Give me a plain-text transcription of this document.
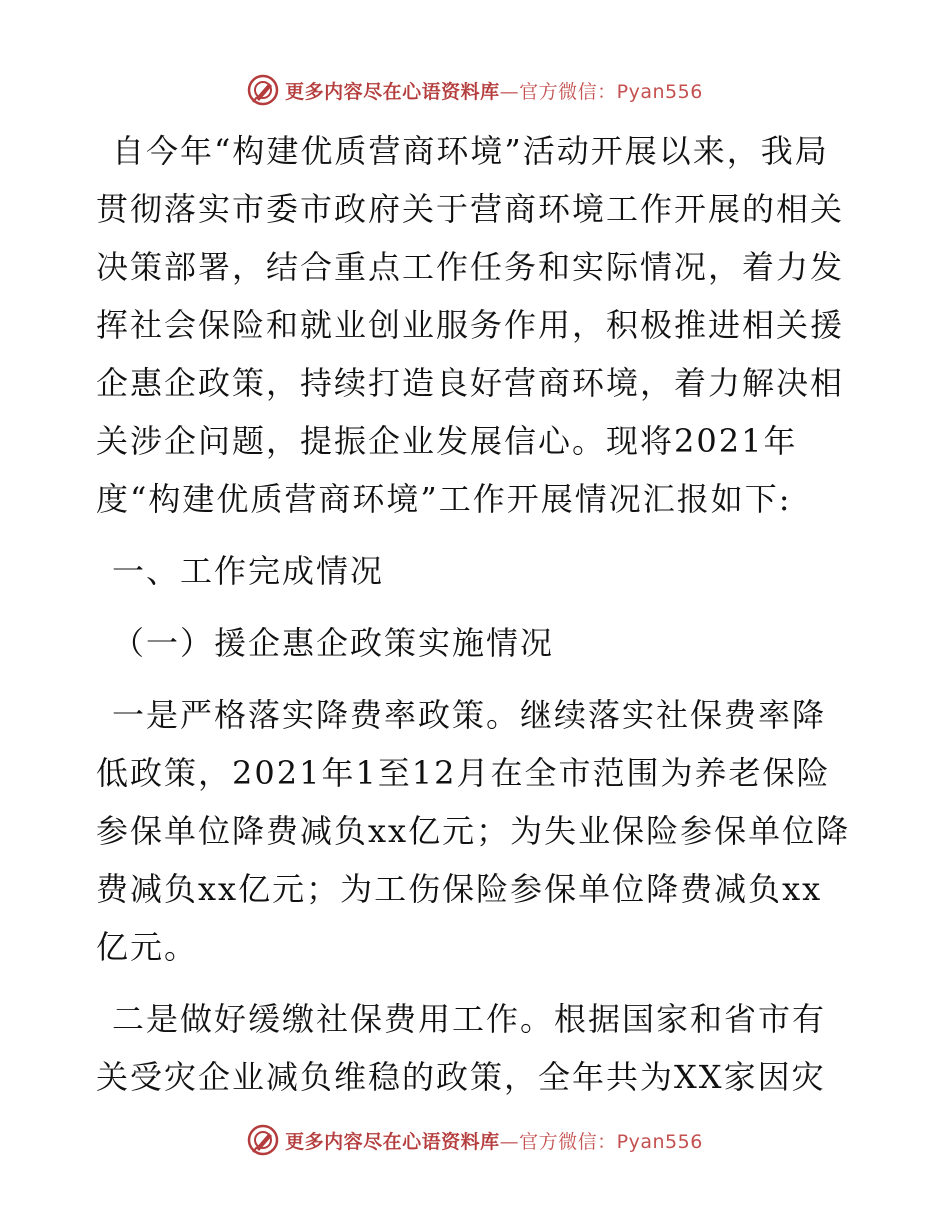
更多内容尽在心语资料库—官方微信：Pyan556

自今年“构建优质营商环境”活动开展以来，我局贯彻落实市委市政府关于营商环境工作开展的相关决策部署，结合重点工作任务和实际情况，着力发挥社会保险和就业创业服务作用，积极推进相关援企惠企政策，持续打造良好营商环境，着力解决相关涉企问题，提振企业发展信心。现将2021年度“构建优质营商环境”工作开展情况汇报如下:

一、工作完成情况

（一）援企惠企政策实施情况

一是严格落实降费率政策。继续落实社保费率降低政策，2021年1至12月在全市范围为养老保险参保单位降费减负xx亿元；为失业保险参保单位降费减负xx亿元；为工伤保险参保单位降费减负xx亿元。

二是做好缓缴社保费用工作。根据国家和省市有关受灾企业减负维稳的政策，全年共为XX家因灾

更多内容尽在心语资料库—官方微信：Pyan556
